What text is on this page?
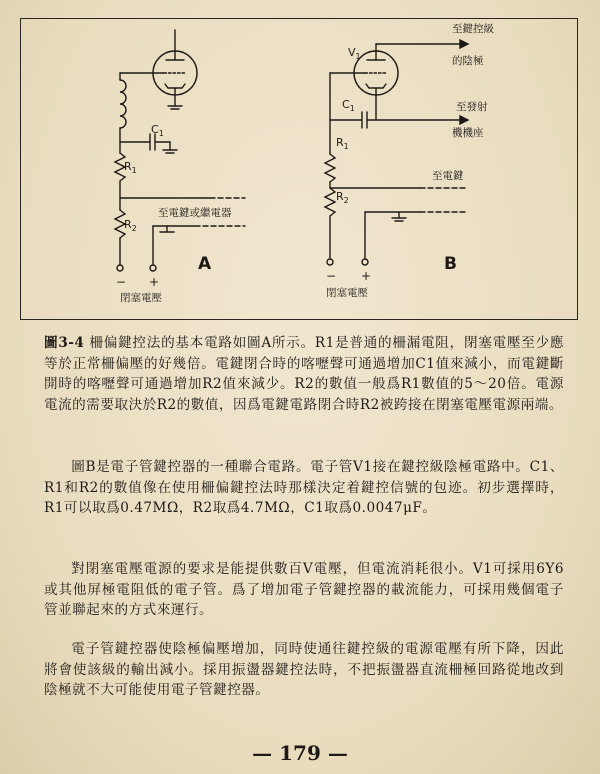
$R_1$
$R_2$
$C_1$
至電鍵或繼電器
− +
閉塞電壓
A
$V_1$
$C_1$
$R_1$
$R_2$
至鍵控級
的陰極
至發射
機機座
至電鍵
− +
閉塞電壓
B
圖3-4 柵偏鍵控法的基本電路如圖A所示。R1是普通的柵漏電阻，閉塞電壓至少應等於正常柵偏壓的好幾倍。電鍵閉合時的喀嚦聲可通過增加C1值來減小，而電鍵斷開時的喀嚦聲可通過增加R2值來減少。R2的數值一般爲R1數值的5～20倍。電源電流的需要取決於R2的數值，因爲電鍵電路閉合時R2被跨接在閉塞電壓電源兩端。
圖B是電子管鍵控器的一種聯合電路。電子管V1接在鍵控級陰極電路中。C1、R1和R2的數值像在使用柵偏鍵控法時那樣決定着鍵控信號的包迹。初步選擇時，R1可以取爲0.47MΩ，R2取爲4.7MΩ，C1取爲0.0047μF。
對閉塞電壓電源的要求是能提供數百V電壓，但電流消耗很小。V1可採用6Y6或其他屏極電阻低的電子管。爲了增加電子管鍵控器的載流能力，可採用幾個電子管並聯起來的方式來運行。
電子管鍵控器使陰極偏壓增加，同時使通往鍵控級的電源電壓有所下降，因此將會使該級的輸出減小。採用振盪器鍵控法時，不把振盪器直流柵極回路從地改到陰極就不大可能使用電子管鍵控器。
— 179 —
